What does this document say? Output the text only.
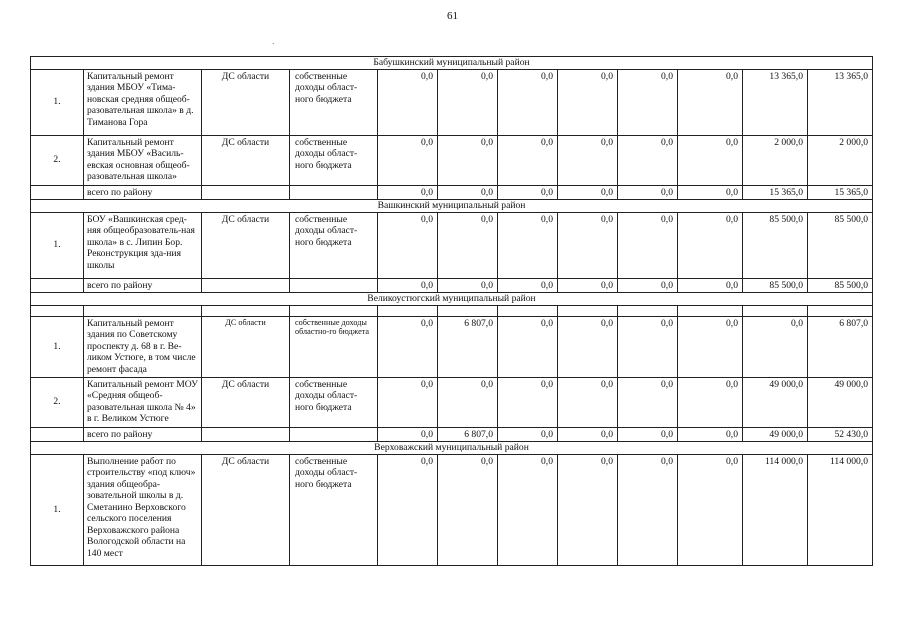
61
.
Бабушкинский муниципальный район											
1.	Капитальный ремонт здания МБОУ «Тима-новская средняя общеоб-разовательная школа» в д. Тиманова Гора	ДС области	собственные доходы област-ного бюджета	0,0	0,0	0,0	0,0	0,0	0,0	13 365,0	13 365,0
2.	Капитальный ремонт здания МБОУ «Василь-евская основная общеоб-разовательная школа»	ДС области	собственные доходы област-ного бюджета	0,0	0,0	0,0	0,0	0,0	0,0	2 000,0	2 000,0
	всего по району			0,0	0,0	0,0	0,0	0,0	0,0	15 365,0	15 365,0
Вашкинский муниципальный район											
1.	БОУ «Вашкинская сред-няя общеобразователь-ная школа» в с. Липин Бор. Реконструкция зда-ния школы	ДС области	собственные доходы област-ного бюджета	0,0	0,0	0,0	0,0	0,0	0,0	85 500,0	85 500,0
	всего по району			0,0	0,0	0,0	0,0	0,0	0,0	85 500,0	85 500,0
Великоустюгский муниципальный район											

1.	Капитальный ремонт здания по Советскому проспекту д. 68 в г. Ве-ликом Устюге, в том числе ремонт фасада	ДС области	собственные доходы областно-го бюджета	0,0	6 807,0	0,0	0,0	0,0	0,0	0,0	6 807,0
2.	Капитальный ремонт МОУ «Средняя общеоб-разовательная школа № 4» в г. Великом Устюге	ДС области	собственные доходы област-ного бюджета	0,0	0,0	0,0	0,0	0,0	0,0	49 000,0	49 000,0
	всего по району			0,0	6 807,0	0,0	0,0	0,0	0,0	49 000,0	52 430,0
Верховажский муниципальный район											
1.	Выполнение работ по строительству «под ключ» здания общеобра-зовательной школы в д. Сметанино Верховского сельского поселения Верховажского района Вологодской области на 140 мест	ДС области	собственные доходы област-ного бюджета	0,0	0,0	0,0	0,0	0,0	0,0	114 000,0	114 000,0
